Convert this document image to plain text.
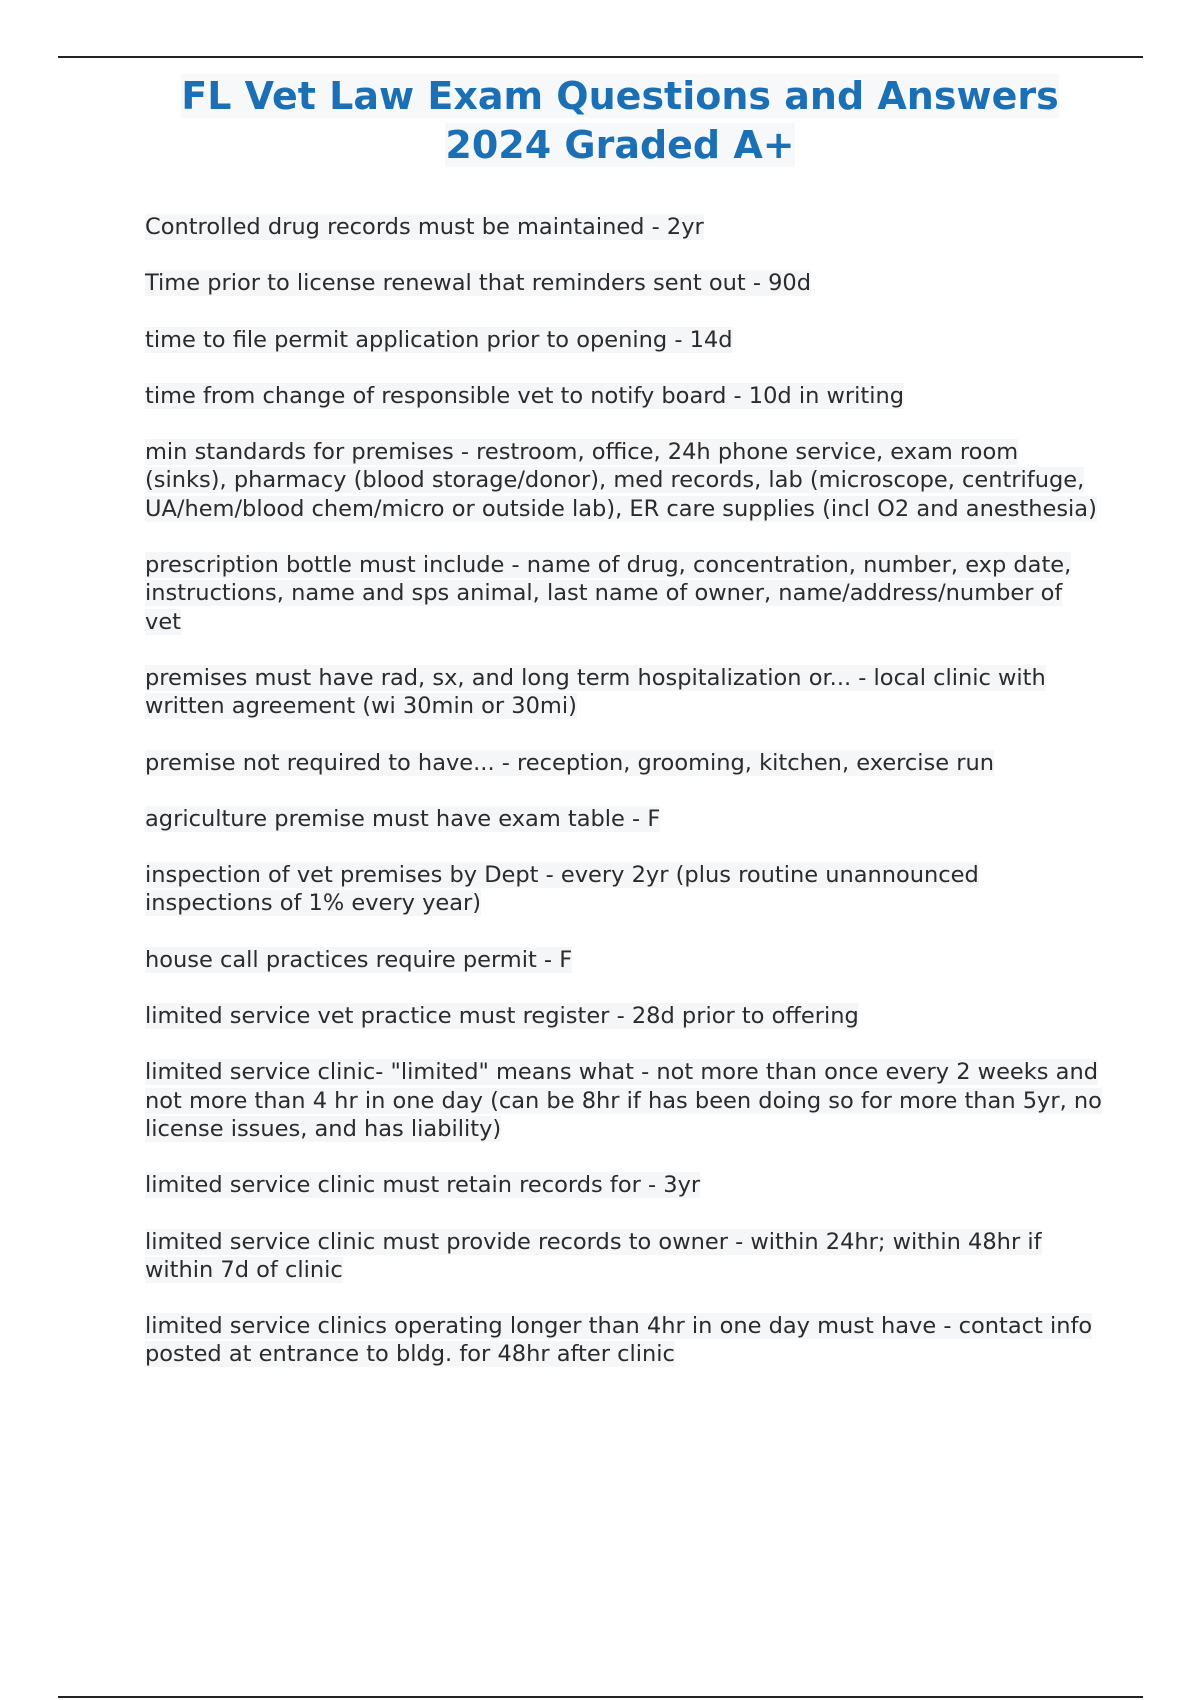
FL Vet Law Exam Questions and Answers
2024 Graded A+
Controlled drug records must be maintained - 2yr
Time prior to license renewal that reminders sent out - 90d
time to file permit application prior to opening - 14d
time from change of responsible vet to notify board - 10d in writing
min standards for premises - restroom, office, 24h phone service, exam room (sinks), pharmacy (blood storage/donor), med records, lab (microscope, centrifuge, UA/hem/blood chem/micro or outside lab), ER care supplies (incl O2 and anesthesia)
prescription bottle must include - name of drug, concentration, number, exp date, instructions, name and sps animal, last name of owner, name/address/number of vet
premises must have rad, sx, and long term hospitalization or... - local clinic with written agreement (wi 30min or 30mi)
premise not required to have... - reception, grooming, kitchen, exercise run
agriculture premise must have exam table - F
inspection of vet premises by Dept - every 2yr (plus routine unannounced inspections of 1% every year)
house call practices require permit - F
limited service vet practice must register - 28d prior to offering
limited service clinic- "limited" means what - not more than once every 2 weeks and not more than 4 hr in one day (can be 8hr if has been doing so for more than 5yr, no license issues, and has liability)
limited service clinic must retain records for - 3yr
limited service clinic must provide records to owner - within 24hr; within 48hr if within 7d of clinic
limited service clinics operating longer than 4hr in one day must have - contact info posted at entrance to bldg. for 48hr after clinic
